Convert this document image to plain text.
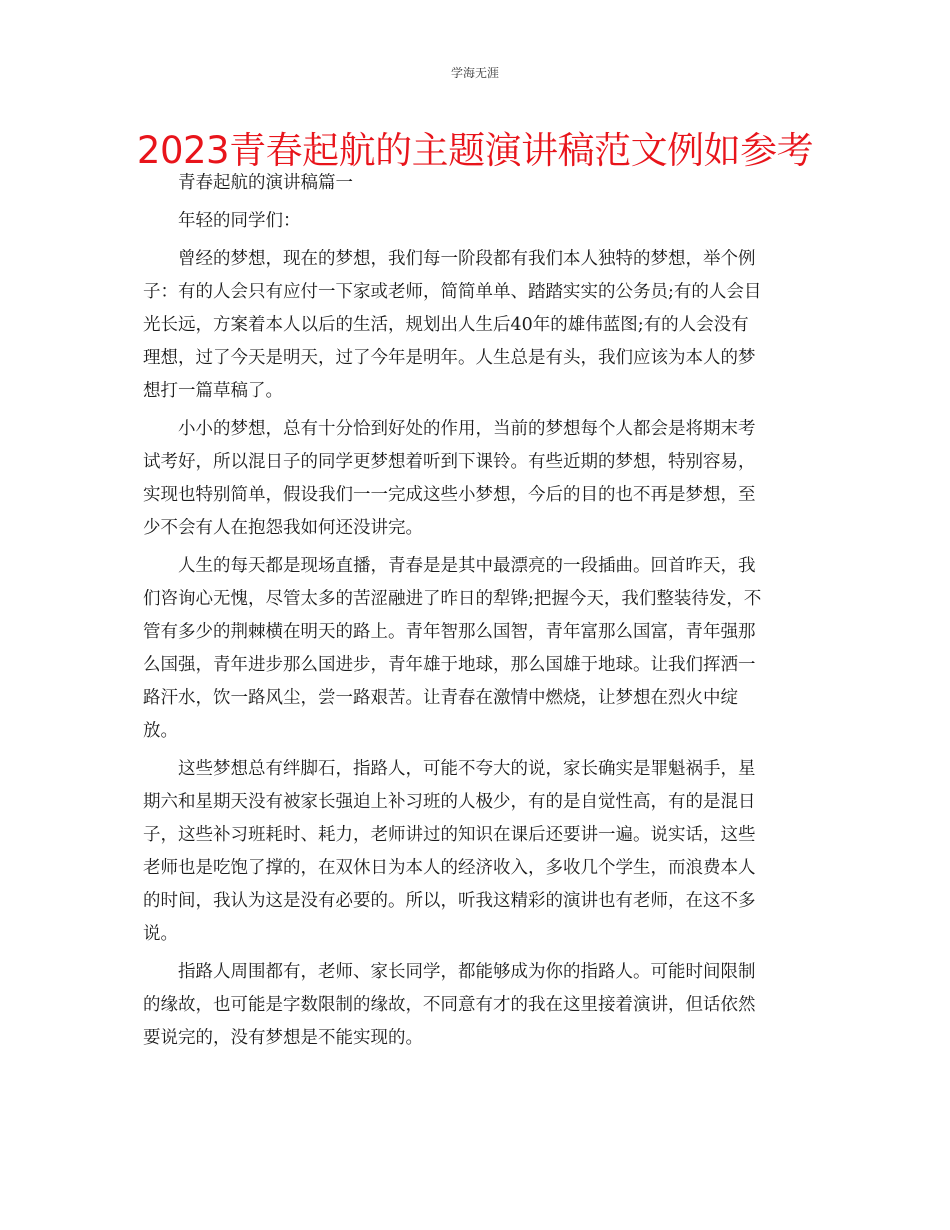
学海无涯
2023青春起航的主题演讲稿范文例如参考
青春起航的演讲稿篇一
年轻的同学们：
曾经的梦想，现在的梦想，我们每一阶段都有我们本人独特的梦想，举个例
子：有的人会只有应付一下家或老师，简简单单、踏踏实实的公务员;有的人会目
光长远，方案着本人以后的生活，规划出人生后40年的雄伟蓝图;有的人会没有
理想，过了今天是明天，过了今年是明年。人生总是有头，我们应该为本人的梦
想打一篇草稿了。
小小的梦想，总有十分恰到好处的作用，当前的梦想每个人都会是将期末考
试考好，所以混日子的同学更梦想着听到下课铃。有些近期的梦想，特别容易，
实现也特别简单，假设我们一一完成这些小梦想，今后的目的也不再是梦想，至
少不会有人在抱怨我如何还没讲完。
人生的每天都是现场直播，青春是是其中最漂亮的一段插曲。回首昨天，我
们咨询心无愧，尽管太多的苦涩融进了昨日的犁铧;把握今天，我们整装待发，不
管有多少的荆棘横在明天的路上。青年智那么国智，青年富那么国富，青年强那
么国强，青年进步那么国进步，青年雄于地球，那么国雄于地球。让我们挥洒一
路汗水，饮一路风尘，尝一路艰苦。让青春在激情中燃烧，让梦想在烈火中绽
放。
这些梦想总有绊脚石，指路人，可能不夸大的说，家长确实是罪魁祸手，星
期六和星期天没有被家长强迫上补习班的人极少，有的是自觉性高，有的是混日
子，这些补习班耗时、耗力，老师讲过的知识在课后还要讲一遍。说实话，这些
老师也是吃饱了撑的，在双休日为本人的经济收入，多收几个学生，而浪费本人
的时间，我认为这是没有必要的。所以，听我这精彩的演讲也有老师，在这不多
说。
指路人周围都有，老师、家长同学，都能够成为你的指路人。可能时间限制
的缘故，也可能是字数限制的缘故，不同意有才的我在这里接着演讲，但话依然
要说完的，没有梦想是不能实现的。
